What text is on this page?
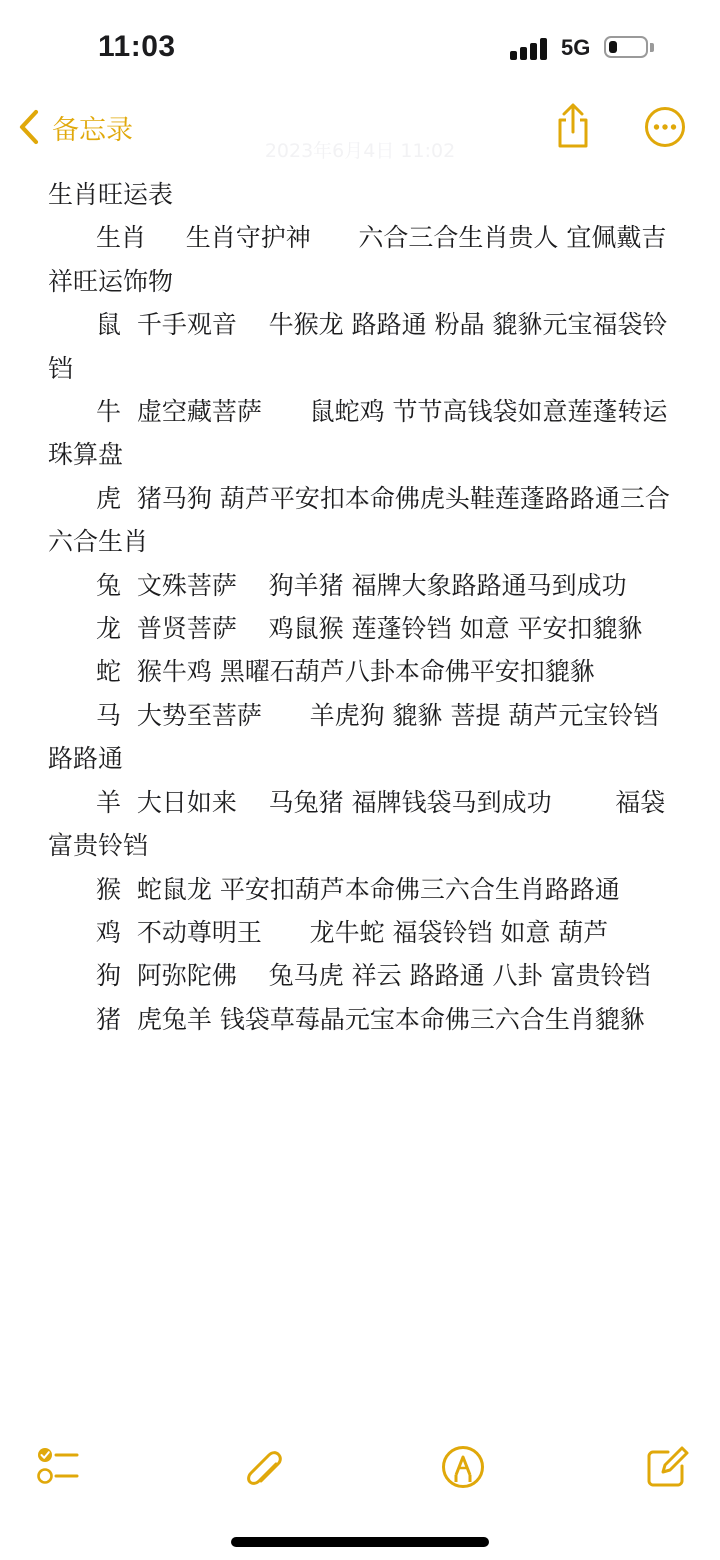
11:03	5G
备忘录
2023年6月4日 11:02
生肖旺运表
生肖     生肖守护神      六合三合生肖贵人 宜佩戴吉祥旺运饰物
鼠  千手观音    牛猴龙 路路通 粉晶 貔貅元宝福袋铃铛
牛  虚空藏菩萨      鼠蛇鸡 节节高钱袋如意莲蓬转运珠算盘
虎  猪马狗 葫芦平安扣本命佛虎头鞋莲蓬路路通三合六合生肖
兔  文殊菩萨    狗羊猪 福牌大象路路通马到成功
龙  普贤菩萨    鸡鼠猴 莲蓬铃铛 如意 平安扣貔貅
蛇  猴牛鸡 黑曜石葫芦八卦本命佛平安扣貔貅
马  大势至菩萨      羊虎狗 貔貅 菩提 葫芦元宝铃铛 路路通
羊  大日如来    马兔猪 福牌钱袋马到成功        福袋富贵铃铛
猴  蛇鼠龙 平安扣葫芦本命佛三六合生肖路路通
鸡  不动尊明王      龙牛蛇 福袋铃铛 如意 葫芦
狗  阿弥陀佛    兔马虎 祥云 路路通 八卦 富贵铃铛
猪  虎兔羊 钱袋草莓晶元宝本命佛三六合生肖貔貅
